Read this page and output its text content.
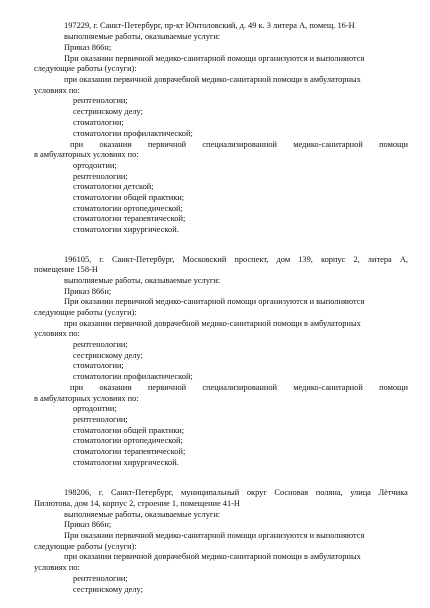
197229, г. Санкт-Петербург, пр-кт Юнтоловский, д. 49 к. 3 литера А, помещ. 16-Н
выполняемые работы, оказываемые услуги:
Приказ 866н;
При оказании первичной медико-санитарной помощи организуются и выполняются
следующие работы (услуги):
при оказании первичной доврачебной медико-санитарной помощи в амбулаторных
условиях по:
рентгенологии;
сестринскому делу;
стоматологии;
стоматологии профилактической;
при оказании первичной специализированной медико-санитарной помощи
в амбулаторных условиях по:
ортодонтии;
рентгенологии;
стоматологии детской;
стоматологии общей практики;
стоматологии ортопедической;
стоматологии терапевтической;
стоматологии хирургической.
196105, г. Санкт-Петербург, Московский проспект, дом 139, корпус 2, литера А,
помещение 158-Н
выполняемые работы, оказываемые услуги:
Приказ 866н;
При оказании первичной медико-санитарной помощи организуются и выполняются
следующие работы (услуги):
при оказании первичной доврачебной медико-санитарной помощи в амбулаторных
условиях по:
рентгенологии;
сестринскому делу;
стоматологии;
стоматологии профилактической;
при оказании первичной специализированной медико-санитарной помощи
в амбулаторных условиях по:
ортодонтии;
рентгенологии;
стоматологии общей практики;
стоматологии ортопедической;
стоматологии терапевтической;
стоматологии хирургической.
198206, г. Санкт-Петербург, муниципальный округ Сосновая поляна, улица Лётчика
Пилютова, дом 14, корпус 2, строение 1, помещение 41-Н
выполняемые работы, оказываемые услуги:
Приказ 866н;
При оказании первичной медико-санитарной помощи организуются и выполняются
следующие работы (услуги):
при оказании первичной доврачебной медико-санитарной помощи в амбулаторных
условиях по:
рентгенологии;
сестринскому делу;
